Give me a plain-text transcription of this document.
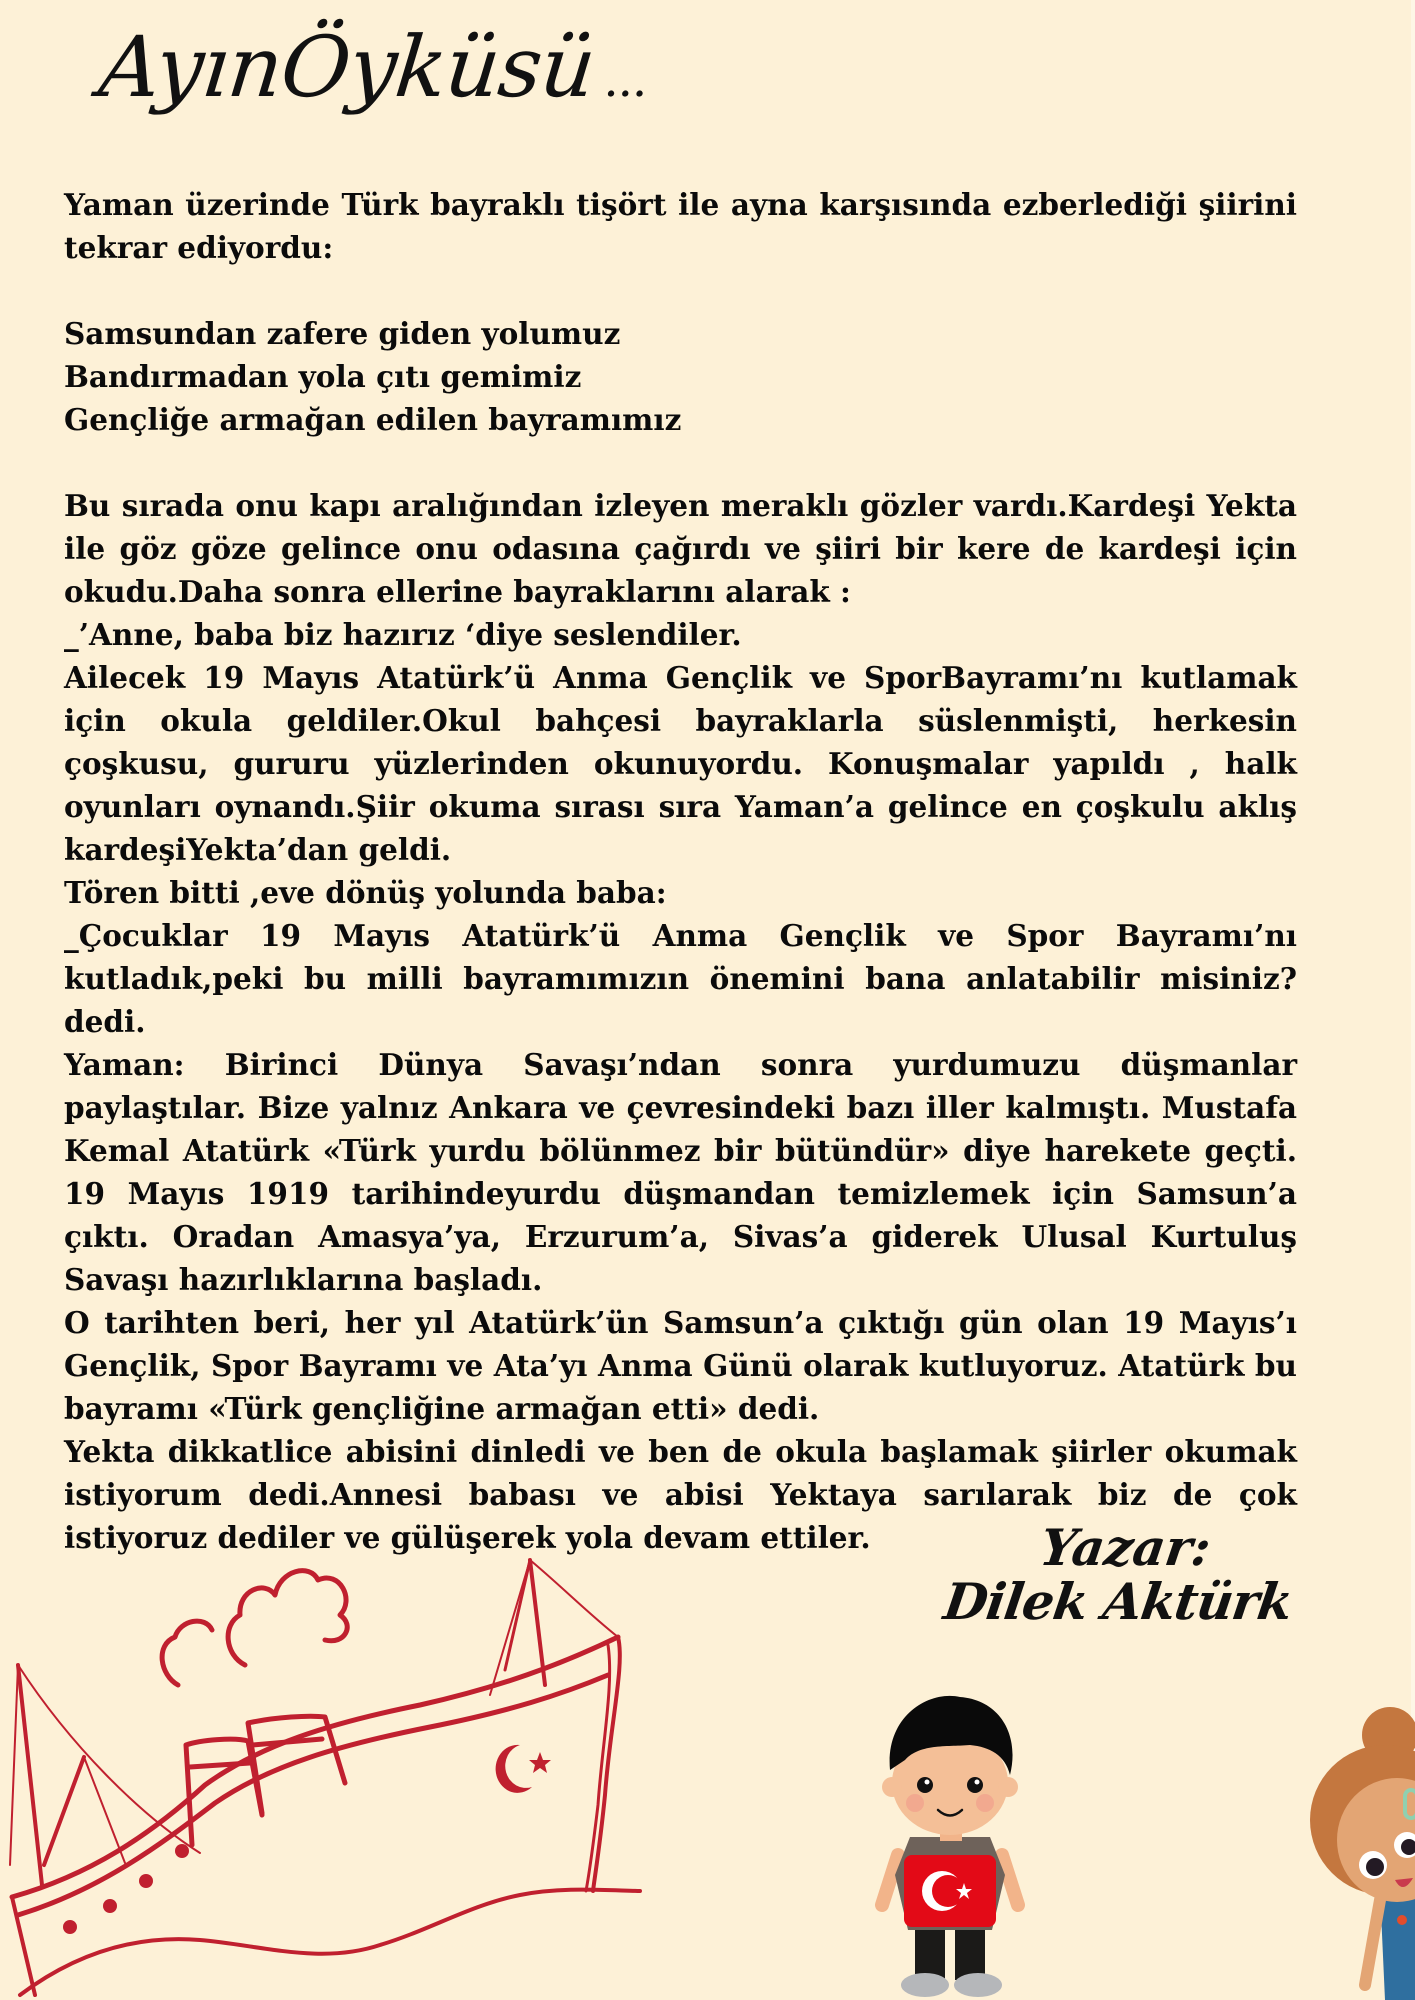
AyınÖyküsü...

Yaman üzerinde Türk bayraklı tişört ile ayna karşısında ezberlediği şiirini tekrar ediyordu:

Samsundan zafere giden yolumuz

Bandırmadan yola çıtı gemimiz

Gençliğe armağan edilen bayramımız

Bu sırada onu kapı aralığından izleyen meraklı gözler vardı.Kardeşi Yekta ile göz göze gelince onu odasına çağırdı ve şiiri bir kere de kardeşi için okudu.Daha sonra ellerine bayraklarını alarak :

_’Anne, baba biz hazırız ‘diye seslendiler.

Ailecek 19 Mayıs Atatürk’ü Anma Gençlik ve SporBayramı’nı kutlamak için okula geldiler.Okul bahçesi bayraklarla süslenmişti, herkesin çoşkusu, gururu yüzlerinden okunuyordu. Konuşmalar yapıldı , halk oyunları oynandı.Şiir okuma sırası sıra Yaman’a gelince en çoşkulu aklış kardeşiYekta’dan geldi.

Tören bitti ,eve dönüş yolunda baba:

_Çocuklar 19 Mayıs Atatürk’ü Anma Gençlik ve Spor Bayramı’nı kutladık,peki bu milli bayramımızın önemini bana anlatabilir misiniz? dedi.

Yaman: Birinci Dünya Savaşı’ndan sonra yurdumuzu düşmanlar paylaştılar. Bize yalnız Ankara ve çevresindeki bazı iller kalmıştı. Mustafa Kemal Atatürk «Türk yurdu bölünmez bir bütündür» diye harekete geçti. 19 Mayıs 1919 tarihindeyurdu düşmandan temizlemek için Samsun’a çıktı. Oradan Amasya’ya, Erzurum’a, Sivas’a giderek Ulusal Kurtuluş Savaşı hazırlıklarına başladı.

O tarihten beri, her yıl Atatürk’ün Samsun’a çıktığı gün olan 19 Mayıs’ı Gençlik, Spor Bayramı ve Ata’yı Anma Günü olarak kutluyoruz. Atatürk bu bayramı «Türk gençliğine armağan etti» dedi.

Yekta dikkatlice abisini dinledi ve ben de okula başlamak şiirler okumak istiyorum dedi.Annesi babası ve abisi Yektaya sarılarak biz de çok istiyoruz dediler ve gülüşerek yola devam ettiler.	Yazar:
Dilek Aktürk
